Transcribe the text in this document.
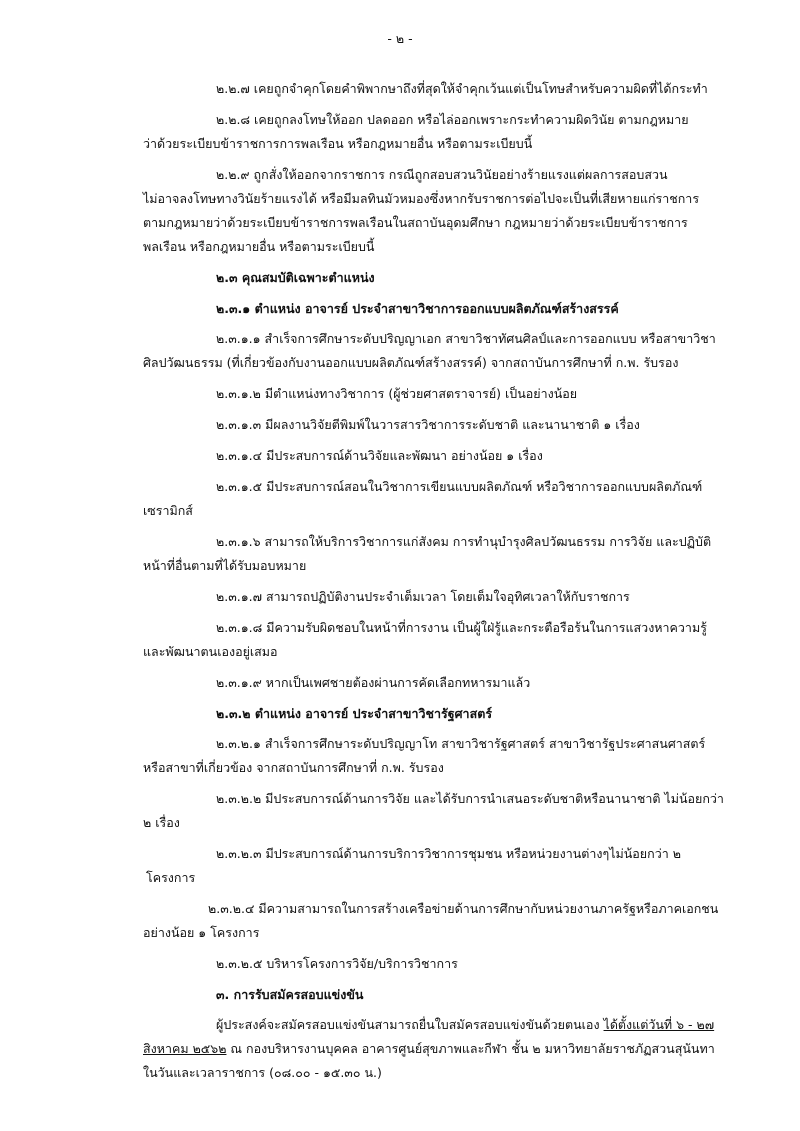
- ๒ -
๒.๒.๗ เคยถูกจำคุกโดยคำพิพากษาถึงที่สุดให้จำคุกเว้นแต่เป็นโทษสำหรับความผิดที่ได้กระทำ
๒.๒.๘ เคยถูกลงโทษให้ออก ปลดออก หรือไล่ออกเพราะกระทำความผิดวินัย ตามกฎหมาย
ว่าด้วยระเบียบข้าราชการการพลเรือน หรือกฎหมายอื่น หรือตามระเบียบนี้
๒.๒.๙ ถูกสั่งให้ออกจากราชการ กรณีถูกสอบสวนวินัยอย่างร้ายแรงแต่ผลการสอบสวน
ไม่อาจลงโทษทางวินัยร้ายแรงได้ หรือมีมลทินมัวหมองซึ่งหากรับราชการต่อไปจะเป็นที่เสียหายแก่ราชการ
ตามกฎหมายว่าด้วยระเบียบข้าราชการพลเรือนในสถาบันอุดมศึกษา กฎหมายว่าด้วยระเบียบข้าราชการ
พลเรือน หรือกฎหมายอื่น หรือตามระเบียบนี้
๒.๓ คุณสมบัติเฉพาะตำแหน่ง
๒.๓.๑ ตำแหน่ง อาจารย์ ประจำสาขาวิชาการออกแบบผลิตภัณฑ์สร้างสรรค์
๒.๓.๑.๑ สำเร็จการศึกษาระดับปริญญาเอก สาขาวิชาทัศนศิลป์และการออกแบบ หรือสาขาวิชา
ศิลปวัฒนธรรม (ที่เกี่ยวข้องกับงานออกแบบผลิตภัณฑ์สร้างสรรค์) จากสถาบันการศึกษาที่ ก.พ. รับรอง
๒.๓.๑.๒ มีตำแหน่งทางวิชาการ (ผู้ช่วยศาสตราจารย์) เป็นอย่างน้อย
๒.๓.๑.๓ มีผลงานวิจัยตีพิมพ์ในวารสารวิชาการระดับชาติ และนานาชาติ ๑ เรื่อง
๒.๓.๑.๔ มีประสบการณ์ด้านวิจัยและพัฒนา อย่างน้อย ๑ เรื่อง
๒.๓.๑.๕ มีประสบการณ์สอนในวิชาการเขียนแบบผลิตภัณฑ์ หรือวิชาการออกแบบผลิตภัณฑ์
เซรามิกส์
๒.๓.๑.๖ สามารถให้บริการวิชาการแก่สังคม การทำนุบำรุงศิลปวัฒนธรรม การวิจัย และปฏิบัติ
หน้าที่อื่นตามที่ได้รับมอบหมาย
๒.๓.๑.๗ สามารถปฏิบัติงานประจำเต็มเวลา โดยเต็มใจอุทิศเวลาให้กับราชการ
๒.๓.๑.๘ มีความรับผิดชอบในหน้าที่การงาน เป็นผู้ใฝ่รู้และกระตือรือร้นในการแสวงหาความรู้
และพัฒนาตนเองอยู่เสมอ
๒.๓.๑.๙ หากเป็นเพศชายต้องผ่านการคัดเลือกทหารมาแล้ว
๒.๓.๒ ตำแหน่ง อาจารย์ ประจำสาขาวิชารัฐศาสตร์
๒.๓.๒.๑ สำเร็จการศึกษาระดับปริญญาโท สาขาวิชารัฐศาสตร์ สาขาวิชารัฐประศาสนศาสตร์
หรือสาขาที่เกี่ยวข้อง จากสถาบันการศึกษาที่ ก.พ. รับรอง
๒.๓.๒.๒ มีประสบการณ์ด้านการวิจัย และได้รับการนำเสนอระดับชาติหรือนานาชาติ ไม่น้อยกว่า
๒ เรื่อง
๒.๓.๒.๓ มีประสบการณ์ด้านการบริการวิชาการชุมชน หรือหน่วยงานต่างๆไม่น้อยกว่า ๒
โครงการ
๒.๓.๒.๔ มีความสามารถในการสร้างเครือข่ายด้านการศึกษากับหน่วยงานภาครัฐหรือภาคเอกชน
อย่างน้อย ๑ โครงการ
๒.๓.๒.๕ บริหารโครงการวิจัย/บริการวิชาการ
๓. การรับสมัครสอบแข่งขัน
ผู้ประสงค์จะสมัครสอบแข่งขันสามารถยื่นใบสมัครสอบแข่งขันด้วยตนเอง ได้ตั้งแต่วันที่ ๖ - ๒๗
สิงหาคม ๒๕๖๒ ณ กองบริหารงานบุคคล อาคารศูนย์สุขภาพและกีฬา ชั้น ๒ มหาวิทยาลัยราชภัฏสวนสุนันทา
ในวันและเวลาราชการ (๐๘.๐๐ - ๑๕.๓๐ น.)
